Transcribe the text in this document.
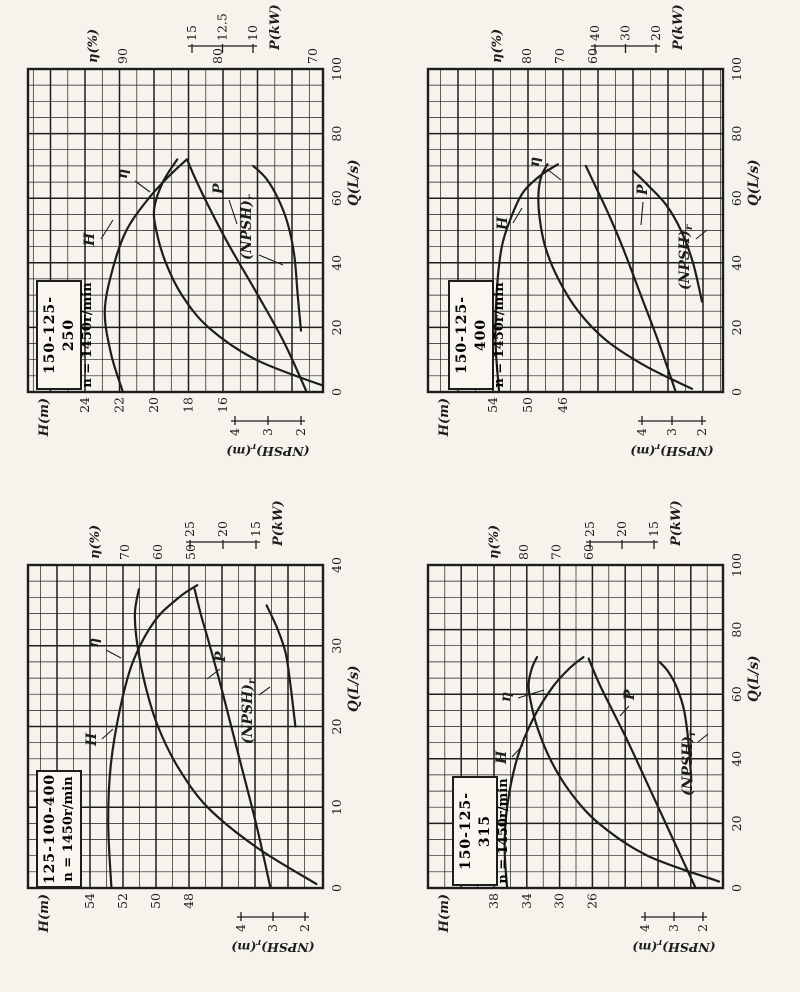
150-125-250 n = 1450r/min
24 22 20 18 16
H(m)
90	80	70
η(%)	15 12.5 10 P(kW)
4 3 2
$(NPSH)_r(m)$
0
20
40
60
80
100
Q(L/s)
H
η
P
$(NPSH)_r$
150-125-400 n = 1450r/min
54 50 46
H(m)
80 70 60
η(%)	40 30 20 P(kW)
4 3 2
$(NPSH)_r(m)$
0
20
40
60
80
100
Q(L/s)
H
η
P
$(NPSH)_r$
125-100-400 n = 1450r/min
54 52 50 48
H(m)
70 60 50
η(%)	25 20 15 P(kW)
4 3 2
$(NPSH)_r(m)$
0
10
20
30
40
Q(L/s)
H
η
P
$(NPSH)_r$
150-125-315 n = 1450r/min
38 34 30 26
H(m)
80 70 60
η(%)	25 20 15 P(kW)
4 3 2
$(NPSH)_r(m)$
0
20
40
60
80
100
Q(L/s)
H
η	P
$(NPSH)_r$
